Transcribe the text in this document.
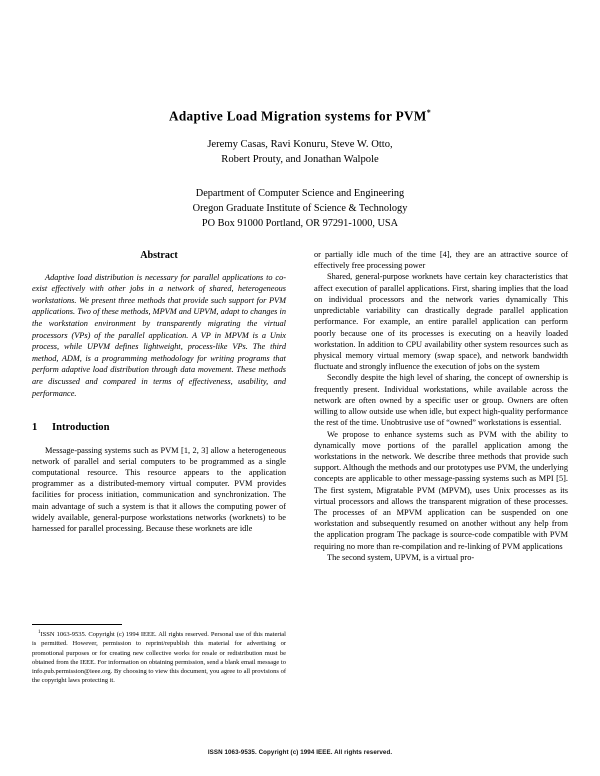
Adaptive Load Migration systems for PVM*
Jeremy Casas, Ravi Konuru, Steve W. Otto,
Robert Prouty, and Jonathan Walpole
Department of Computer Science and Engineering
Oregon Graduate Institute of Science & Technology
PO Box 91000 Portland, OR 97291-1000, USA
Abstract

Adaptive load distribution is necessary for parallel applications to co-exist effectively with other jobs in a network of shared, heterogeneous workstations. We present three methods that provide such support for PVM applications. Two of these methods, MPVM and UPVM, adapt to changes in the workstation environment by transparently migrating the virtual processors (VPs) of the parallel application. A VP in MPVM is a Unix process, while UPVM defines lightweight, process-like VPs. The third method, ADM, is a programming methodology for writing programs that perform adaptive load distribution through data movement. These methods are discussed and compared in terms of effectiveness, usability, and performance.

1 Introduction

Message-passing systems such as PVM [1, 2, 3] allow a heterogeneous network of parallel and serial computers to be programmed as a single computational resource. This resource appears to the application programmer as a distributed-memory virtual computer. PVM provides facilities for process initiation, communication and synchronization. The main advantage of such a system is that it allows the computing power of widely available, general-purpose workstations networks (worknets) to be harnessed for parallel processing. Because these worknets are idle

$^1$ISSN 1063-9535. Copyright (c) 1994 IEEE. All rights reserved. Personal use of this material is permitted. However, permission to reprint/republish this material for advertising or promotional purposes or for creating new collective works for resale or redistribution must be obtained from the IEEE. For information on obtaining permission, send a blank email message to info.pub.permission@ieee.org. By choosing to view this document, you agree to all provisions of the copyright laws protecting it.

or partially idle much of the time [4], they are an attractive source of effectively free processing power

Shared, general-purpose worknets have certain key characteristics that affect execution of parallel applications. First, sharing implies that the load on individual processors and the network varies dynamically This unpredictable variability can drastically degrade parallel application performance. For example, an entire parallel application can perform poorly because one of its processes is executing on a heavily loaded workstation. In addition to CPU availability other system resources such as physical memory virtual memory (swap space), and network bandwidth fluctuate and strongly influence the execution of jobs on the system

Secondly despite the high level of sharing, the concept of ownership is frequently present. Individual workstations, while available across the network are often owned by a specific user or group. Owners are often willing to allow outside use when idle, but expect high-quality performance the rest of the time. Unobtrusive use of “owned” workstations is essential.

We propose to enhance systems such as PVM with the ability to dynamically move portions of the parallel application among the workstations in the network. We describe three methods that provide such support. Although the methods and our prototypes use PVM, the underlying concepts are applicable to other message-passing systems such as MPI [5]. The first system, Migratable PVM (MPVM), uses Unix processes as its virtual processors and allows the transparent migration of these processes. The processes of an MPVM application can be suspended on one workstation and subsequently resumed on another without any help from the application program The package is source-code compatible with PVM requiring no more than re-compilation and re-linking of PVM applications

The second system, UPVM, is a virtual pro-

ISSN 1063-9535. Copyright (c) 1994 IEEE. All rights reserved.
